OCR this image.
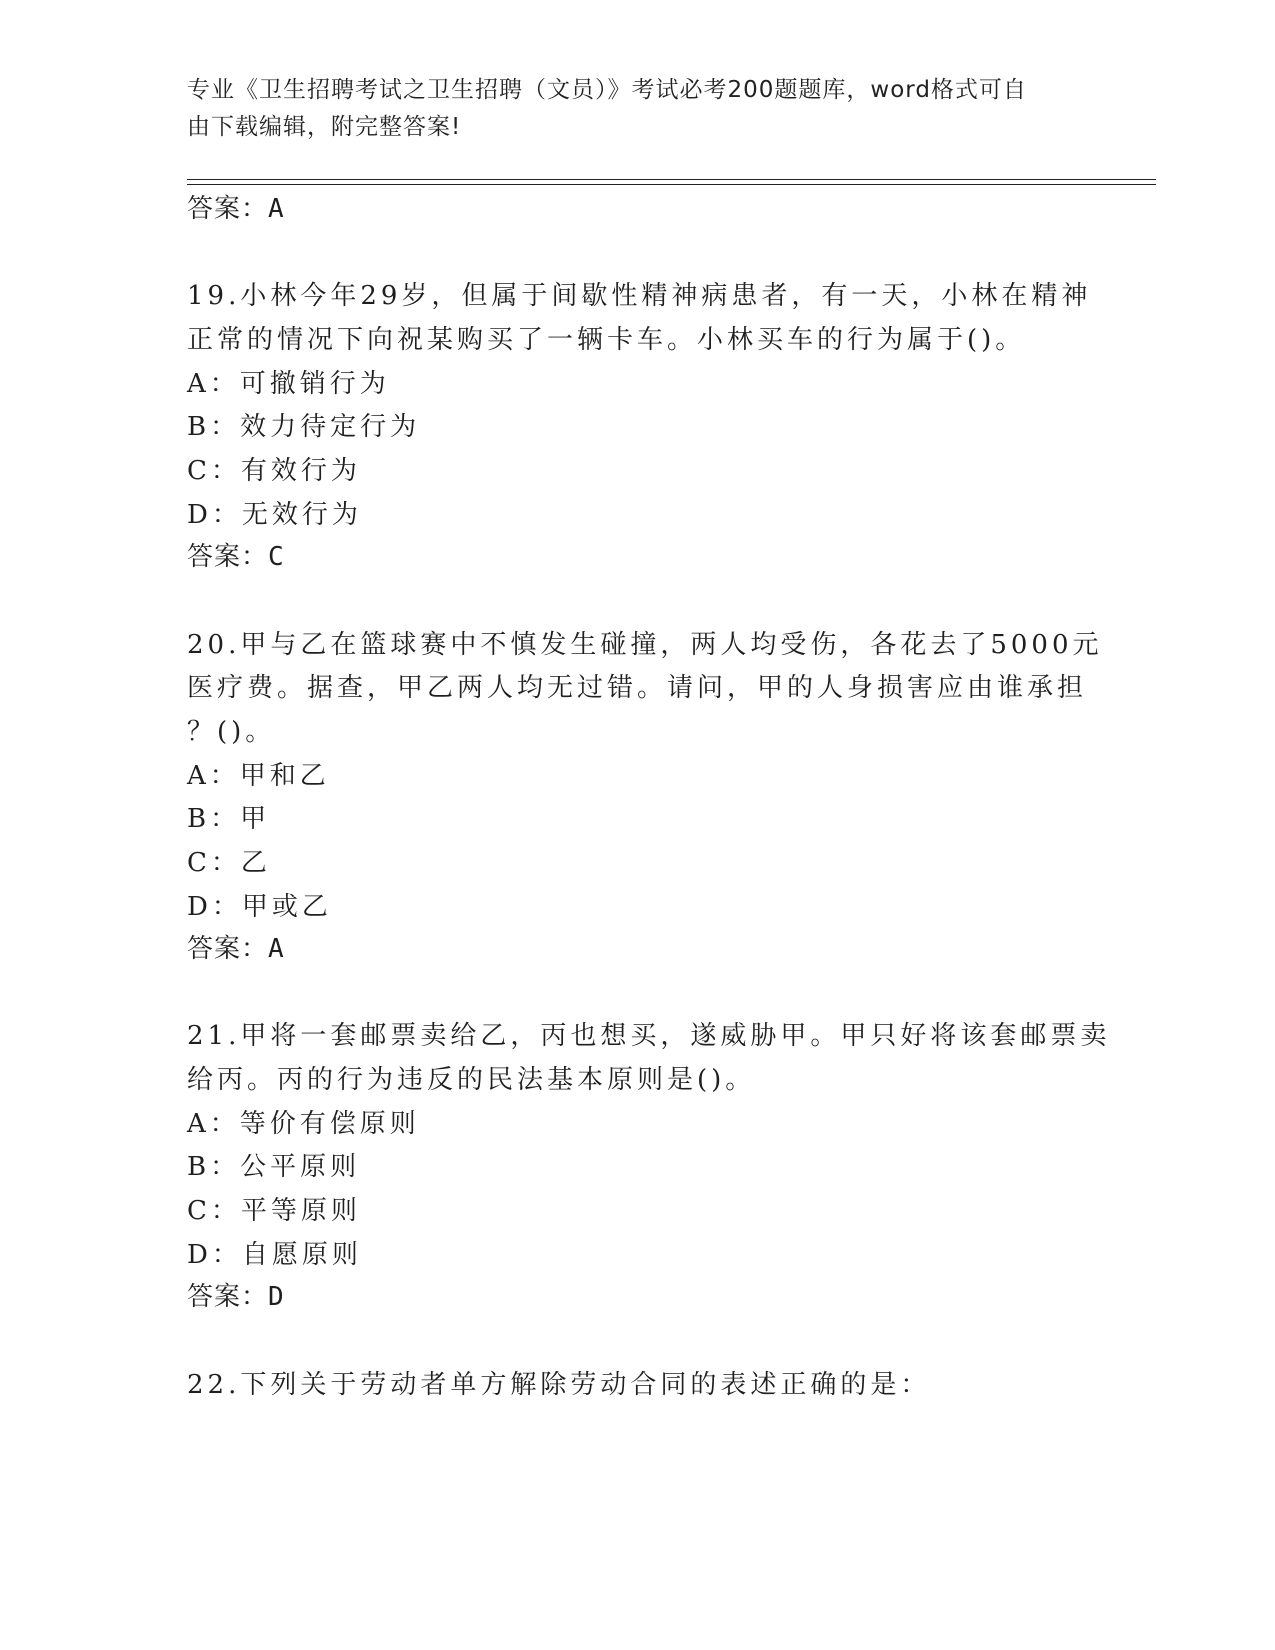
专业《卫生招聘考试之卫生招聘（文员）》考试必考200题题库，word格式可自
由下载编辑，附完整答案!
答案：A
19.小林今年29岁，但属于间歇性精神病患者，有一天，小林在精神
正常的情况下向祝某购买了一辆卡车。小林买车的行为属于()。
A：可撤销行为
B：效力待定行为
C：有效行为
D：无效行为
答案：C
20.甲与乙在篮球赛中不慎发生碰撞，两人均受伤，各花去了5000元
医疗费。据查，甲乙两人均无过错。请问，甲的人身损害应由谁承担
？()。
A：甲和乙
B：甲
C：乙
D：甲或乙
答案：A
21.甲将一套邮票卖给乙，丙也想买，遂威胁甲。甲只好将该套邮票卖
给丙。丙的行为违反的民法基本原则是()。
A：等价有偿原则
B：公平原则
C：平等原则
D：自愿原则
答案：D
22.下列关于劳动者单方解除劳动合同的表述正确的是：
